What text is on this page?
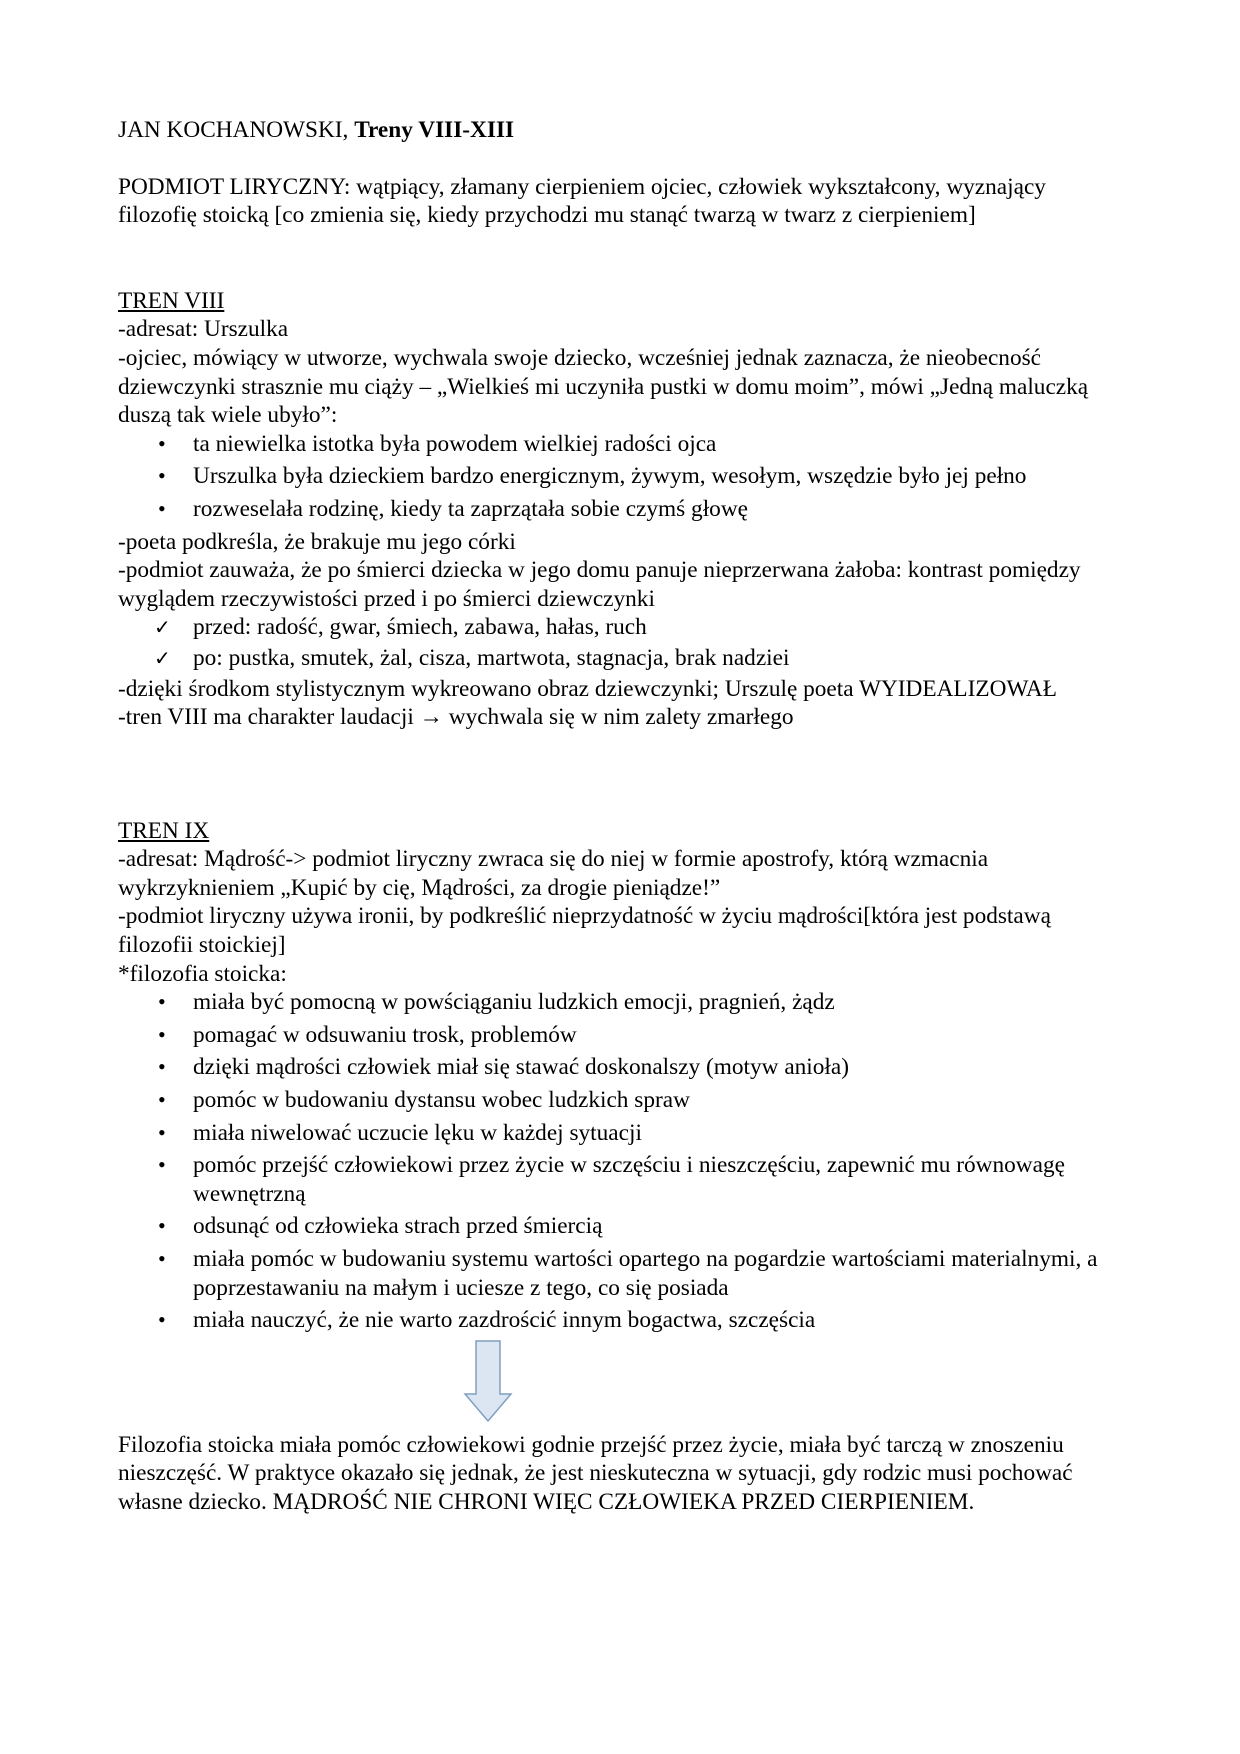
JAN KOCHANOWSKI, Treny VIII-XIII

PODMIOT LIRYCZNY: wątpiący, złamany cierpieniem ojciec, człowiek wykształcony, wyznający filozofię stoicką [co zmienia się, kiedy przychodzi mu stanąć twarzą w twarz z cierpieniem]

TREN VIII

-adresat: Urszulka

-ojciec, mówiący w utworze, wychwala swoje dziecko, wcześniej jednak zaznacza, że nieobecność dziewczynki strasznie mu ciąży – „Wielkieś mi uczyniła pustki w domu moim”, mówi „Jedną maluczką duszą tak wiele ubyło”:

• ta niewielka istotka była powodem wielkiej radości ojca
• Urszulka była dzieckiem bardzo energicznym, żywym, wesołym, wszędzie było jej pełno
• rozweselała rodzinę, kiedy ta zaprzątała sobie czymś głowę

-poeta podkreśla, że brakuje mu jego córki

-podmiot zauważa, że po śmierci dziecka w jego domu panuje nieprzerwana żałoba: kontrast pomiędzy wyglądem rzeczywistości przed i po śmierci dziewczynki

✓ przed: radość, gwar, śmiech, zabawa, hałas, ruch
✓ po: pustka, smutek, żal, cisza, martwota, stagnacja, brak nadziei

-dzięki środkom stylistycznym wykreowano obraz dziewczynki; Urszulę poeta WYIDEALIZOWAŁ

-tren VIII ma charakter laudacji → wychwala się w nim zalety zmarłego

TREN IX

-adresat: Mądrość-> podmiot liryczny zwraca się do niej w formie apostrofy, którą wzmacnia wykrzyknieniem „Kupić by cię, Mądrości, za drogie pieniądze!”

-podmiot liryczny używa ironii, by podkreślić nieprzydatność w życiu mądrości[która jest podstawą filozofii stoickiej]

*filozofia stoicka:

• miała być pomocną w powściąganiu ludzkich emocji, pragnień, żądz
• pomagać w odsuwaniu trosk, problemów
• dzięki mądrości człowiek miał się stawać doskonalszy (motyw anioła)
• pomóc w budowaniu dystansu wobec ludzkich spraw
• miała niwelować uczucie lęku w każdej sytuacji
• pomóc przejść człowiekowi przez życie w szczęściu i nieszczęściu, zapewnić mu równowagę wewnętrzną
• odsunąć od człowieka strach przed śmiercią
• miała pomóc w budowaniu systemu wartości opartego na pogardzie wartościami materialnymi, a poprzestawaniu na małym i uciesze z tego, co się posiada
• miała nauczyć, że nie warto zazdrościć innym bogactwa, szczęścia

Filozofia stoicka miała pomóc człowiekowi godnie przejść przez życie, miała być tarczą w znoszeniu nieszczęść. W praktyce okazało się jednak, że jest nieskuteczna w sytuacji, gdy rodzic musi pochować własne dziecko. MĄDROŚĆ NIE CHRONI WIĘC CZŁOWIEKA PRZED CIERPIENIEM.
